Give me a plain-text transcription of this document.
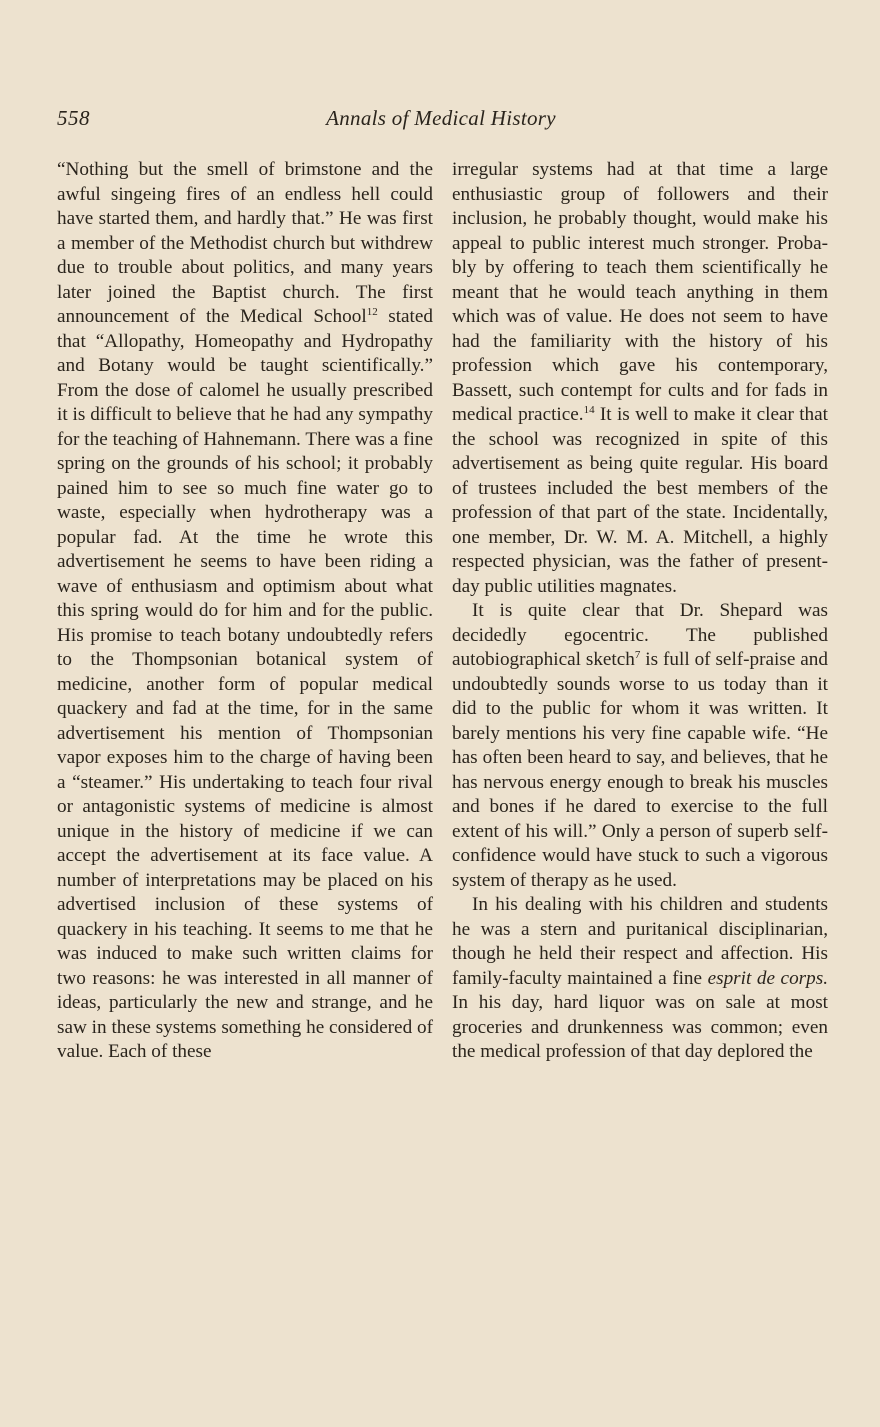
558	Annals of Medical History

“Nothing but the smell of brimstone and the awful singeing fires of an endless hell could have started them, and hardly that.” He was first a member of the Methodist church but withdrew due to trouble about politics, and many years later joined the Baptist church. The first announcement of the Medical School$^{12}$ stated that “Allopathy, Homeopathy and Hydropathy and Botany would be taught scientifically.” From the dose of calomel he usually prescribed it is difficult to believe that he had any sympathy for the teaching of Hahnemann. There was a fine spring on the grounds of his school; it probably pained him to see so much fine water go to waste, especially when hydrotherapy was a popular fad. At the time he wrote this advertisement he seems to have been riding a wave of enthusiasm and optimism about what this spring would do for him and for the public. His promise to teach botany undoubtedly refers to the Thompsonian botanical system of medicine, another form of popular medical quackery and fad at the time, for in the same advertisement his mention of Thompsonian vapor exposes him to the charge of having been a “steamer.” His undertaking to teach four rival or antagonistic systems of medicine is almost unique in the history of medicine if we can accept the advertisement at its face value. A number of interpretations may be placed on his advertised inclusion of these systems of quackery in his teaching. It seems to me that he was induced to make such written claims for two reasons: he was interested in all manner of ideas, particularly the new and strange, and he saw in these systems something he considered of value. Each of these

irregular systems had at that time a large enthusiastic group of followers and their inclusion, he probably thought, would make his appeal to public interest much stronger. Probably by offering to teach them scientifically he meant that he would teach anything in them which was of value. He does not seem to have had the familiarity with the history of his profession which gave his contemporary, Bassett, such contempt for cults and for fads in medical practice.$^{14}$ It is well to make it clear that the school was recognized in spite of this advertisement as being quite regular. His board of trustees included the best members of the profession of that part of the state. Incidentally, one member, Dr. W. M. A. Mitchell, a highly respected physician, was the father of present-day public utilities magnates.

It is quite clear that Dr. Shepard was decidedly egocentric. The published autobiographical sketch$^7$ is full of self-praise and undoubtedly sounds worse to us today than it did to the public for whom it was written. It barely mentions his very fine capable wife. “He has often been heard to say, and believes, that he has nervous energy enough to break his muscles and bones if he dared to exercise to the full extent of his will.” Only a person of superb self-confidence would have stuck to such a vigorous system of therapy as he used.

In his dealing with his children and students he was a stern and puritanical disciplinarian, though he held their respect and affection. His family-faculty maintained a fine esprit de corps. In his day, hard liquor was on sale at most groceries and drunkenness was common; even the medical profession of that day deplored the
